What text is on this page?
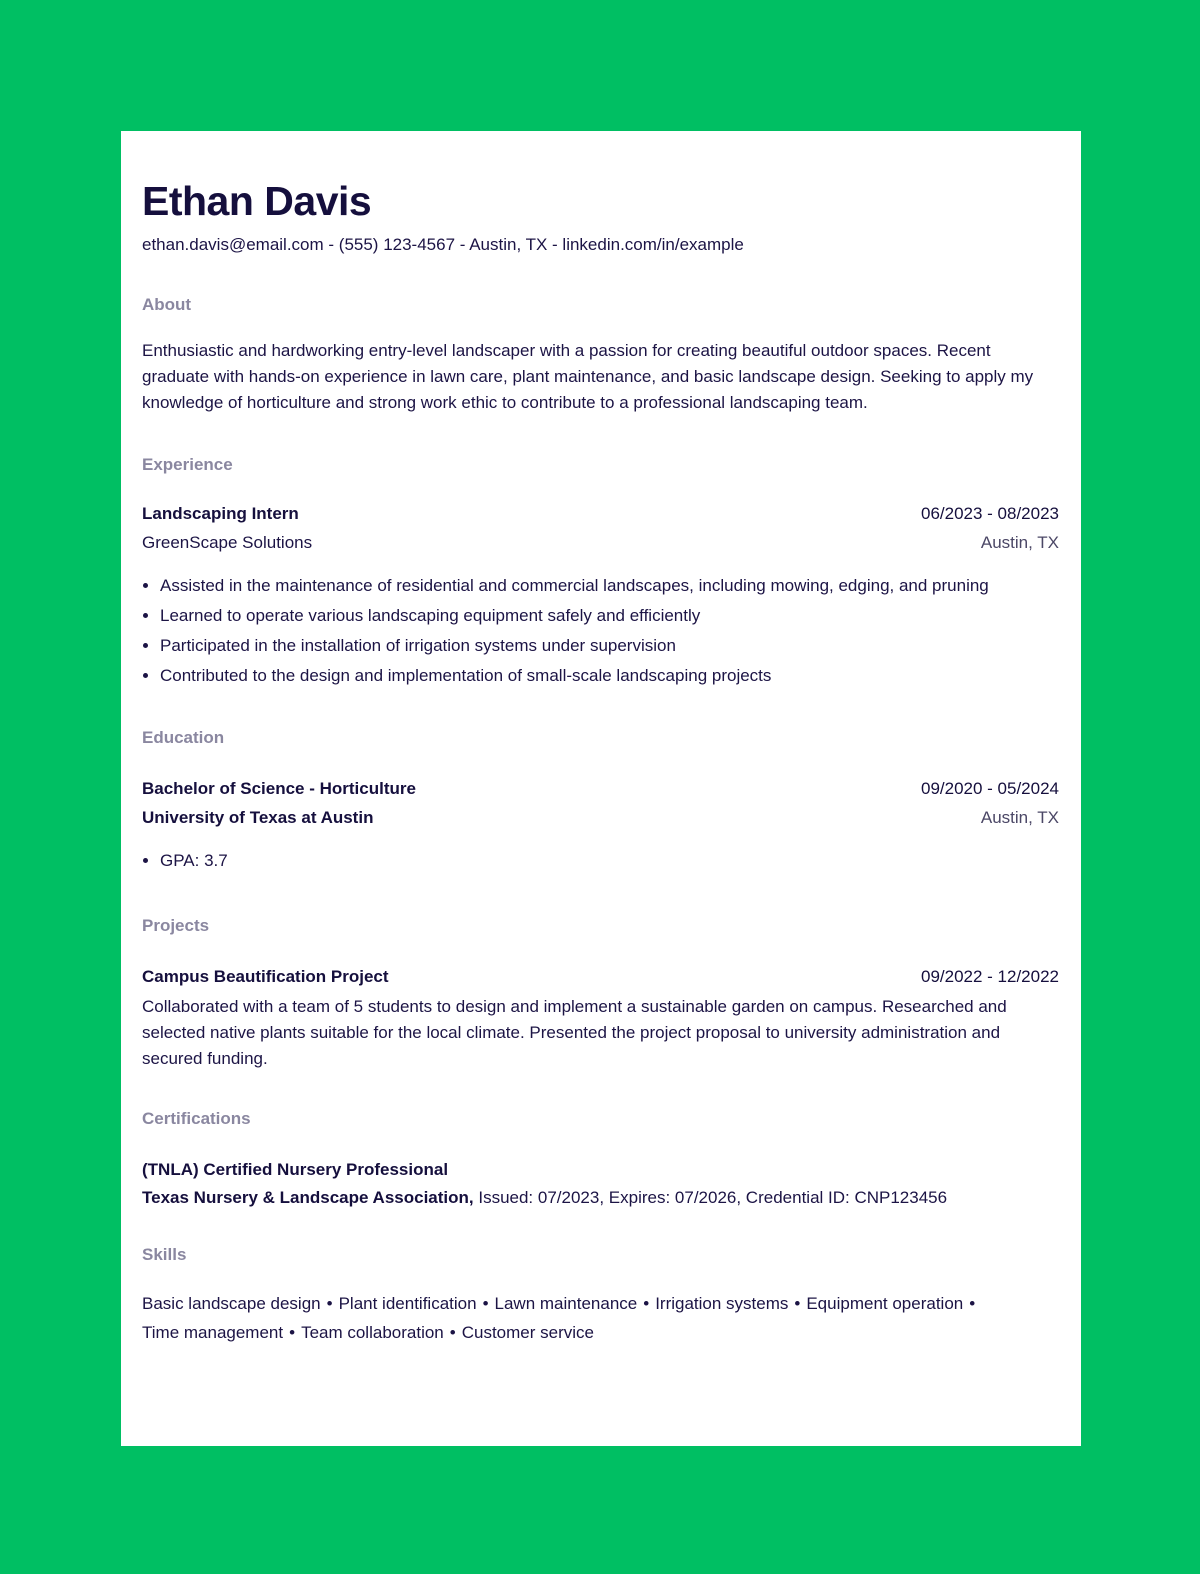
Ethan Davis
ethan.davis@email.com - (555) 123-4567 - Austin, TX - linkedin.com/in/example
About
Enthusiastic and hardworking entry-level landscaper with a passion for creating beautiful outdoor spaces. Recent graduate with hands-on experience in lawn care, plant maintenance, and basic landscape design. Seeking to apply my knowledge of horticulture and strong work ethic to contribute to a professional landscaping team.
Experience
Landscaping Intern	06/2023 - 08/2023
GreenScape Solutions	Austin, TX
• Assisted in the maintenance of residential and commercial landscapes, including mowing, edging, and pruning
• Learned to operate various landscaping equipment safely and efficiently
• Participated in the installation of irrigation systems under supervision
• Contributed to the design and implementation of small-scale landscaping projects
Education
Bachelor of Science - Horticulture	09/2020 - 05/2024
University of Texas at Austin	Austin, TX
• GPA: 3.7
Projects
Campus Beautification Project	09/2022 - 12/2022
Collaborated with a team of 5 students to design and implement a sustainable garden on campus. Researched and selected native plants suitable for the local climate. Presented the project proposal to university administration and secured funding.
Certifications
(TNLA) Certified Nursery Professional
Texas Nursery & Landscape Association, Issued: 07/2023, Expires: 07/2026, Credential ID: CNP123456
Skills
Basic landscape design • Plant identification • Lawn maintenance • Irrigation systems • Equipment operation •
Time management • Team collaboration • Customer service
